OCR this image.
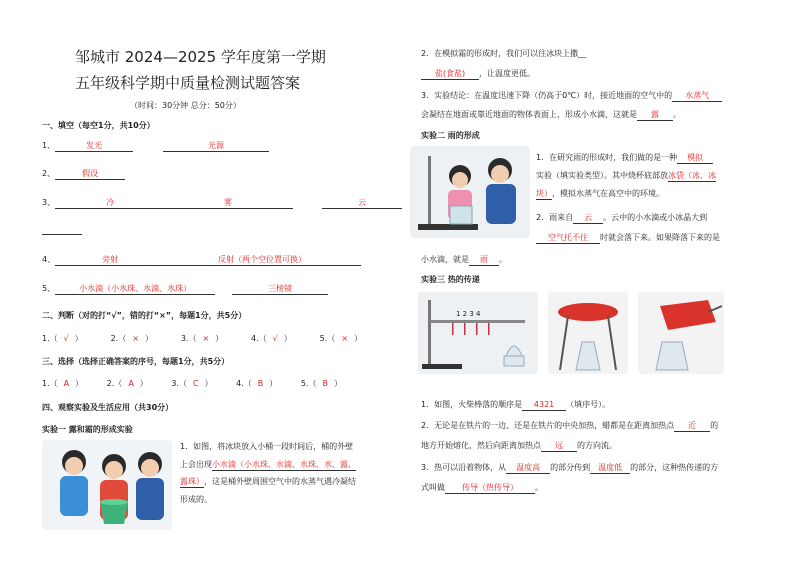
邹城市 2024—2025 学年度第一学期
五年级科学期中质量检测试题答案
（时间：30分钟 总分：50分）
一、填空（每空1分，共10分）
1、	发光	光源
2、	假设
3、	冷	雾	云
4、	旁射	反射（两个空位置可换）
5、	小水滴（小水珠、水滴、水珠）	三棱镜
二、判断（对的打“√”，错的打“×”，每题1分，共5分）
1.（ √ ）	2.（ × ）	3.（ × ）	4.（ √ ）	5.（ × ）
三、选择（选择正确答案的序号，每题1分，共5分）
1.（ A ）	2.（ A ）	3.（ C ）	4.（ B ）	5.（ B ）
四、观察实验及生活应用（共30分）
实验一 露和霜的形成实验
1．如图，将冰块放入小桶一段时间后，桶的外壁
上会出现小水滴（小水珠、水滴、水珠、水、露、
露珠），这是桶外壁周围空气中的水蒸气遇冷凝结
形成的。
2．在模拟霜的形成时，我们可以往冰块上撒__
盐(食盐) ，让温度更低。
3．实验结论：在温度迅速下降（仍高于0℃）时，接近地面的空气中的 水蒸气
会凝结在地面或靠近地面的物体表面上，形成小水滴，这就是 露 。
实验二 雨的形成
1．在研究雨的形成时，我们做的是一种 模拟
实验（填实验类型）。其中烧杯底部放冰袋（冰、冰
块），模拟水蒸气在高空中的环境。
2．雨来自 云 。云中的小水滴或小冰晶大到
空气托不住 时就会落下来。如果降落下来的是
小水滴，就是 雨 。
实验三 热的传递
1 2 3 4
1．如图，火柴棒落的顺序是 4321 （填序号）。
2．无论是在铁片的一边、还是在铁片的中央加热，蜡都是在距离加热点 近 的
地方开始熔化，然后向距离加热点 远 的方向流。
3．热可以沿着物体，从 温度高 的部分传到 温度低 的部分，这种热传递的方
式叫做 传导（热传导） 。
